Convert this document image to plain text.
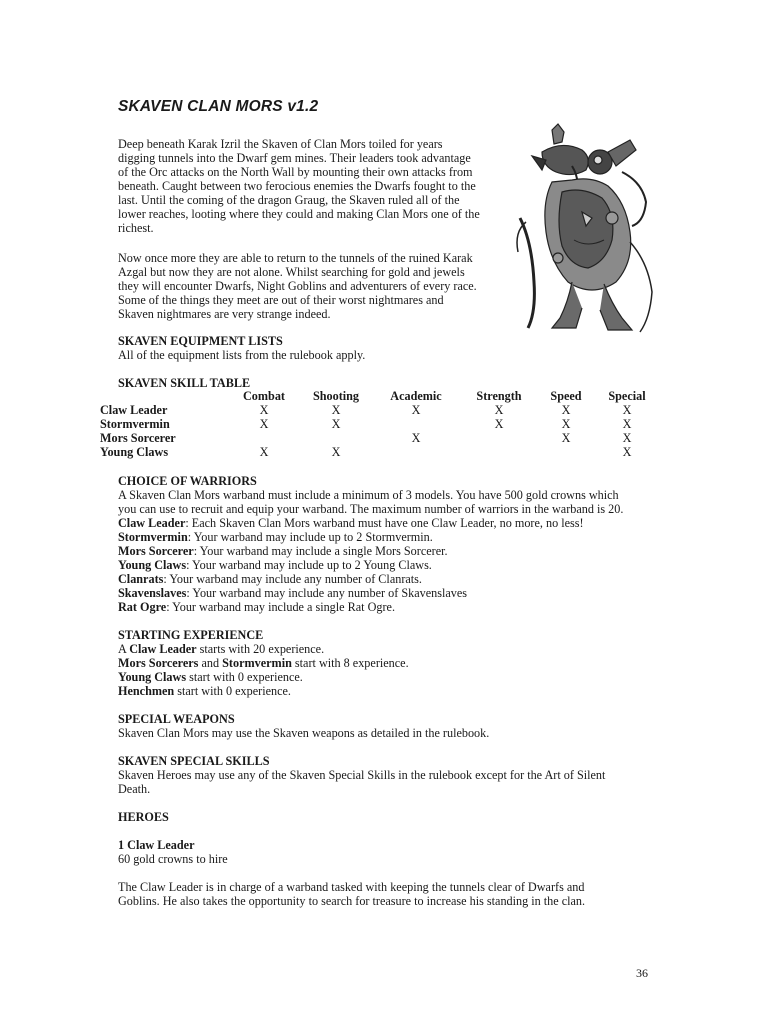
SKAVEN CLAN MORS v1.2
Deep beneath Karak Izril the Skaven of Clan Mors toiled for years
digging tunnels into the Dwarf gem mines. Their leaders took advantage
of the Orc attacks on the North Wall by mounting their own attacks from
beneath. Caught between two ferocious enemies the Dwarfs fought to the
last. Until the coming of the dragon Graug, the Skaven ruled all of the
lower reaches, looting where they could and making Clan Mors one of the
richest.
Now once more they are able to return to the tunnels of the ruined Karak
Azgal but now they are not alone. Whilst searching for gold and jewels
they will encounter Dwarfs, Night Goblins and adventurers of every race.
Some of the things they meet are out of their worst nightmares and
Skaven nightmares are very strange indeed.
SKAVEN EQUIPMENT LISTS
All of the equipment lists from the rulebook apply.
SKAVEN SKILL TABLE
	Combat	Shooting	Academic	Strength	Speed	Special
Claw Leader	X	X	X	X	X	X
Stormvermin	X	X		X	X	X
Mors Sorcerer			X		X	X
Young Claws	X	X				X
CHOICE OF WARRIORS
A Skaven Clan Mors warband must include a minimum of 3 models. You have 500 gold crowns which
you can use to recruit and equip your warband. The maximum number of warriors in the warband is 20.
Claw Leader: Each Skaven Clan Mors warband must have one Claw Leader, no more, no less!
Stormvermin: Your warband may include up to 2 Stormvermin.
Mors Sorcerer: Your warband may include a single Mors Sorcerer.
Young Claws: Your warband may include up to 2 Young Claws.
Clanrats: Your warband may include any number of Clanrats.
Skavenslaves: Your warband may include any number of Skavenslaves
Rat Ogre: Your warband may include a single Rat Ogre.
STARTING EXPERIENCE
A Claw Leader starts with 20 experience.
Mors Sorcerers and Stormvermin start with 8 experience.
Young Claws start with 0 experience.
Henchmen start with 0 experience.
SPECIAL WEAPONS
Skaven Clan Mors may use the Skaven weapons as detailed in the rulebook.
SKAVEN SPECIAL SKILLS
Skaven Heroes may use any of the Skaven Special Skills in the rulebook except for the Art of Silent
Death.
HEROES
1 Claw Leader
60 gold crowns to hire
The Claw Leader is in charge of a warband tasked with keeping the tunnels clear of Dwarfs and
Goblins. He also takes the opportunity to search for treasure to increase his standing in the clan.
36
